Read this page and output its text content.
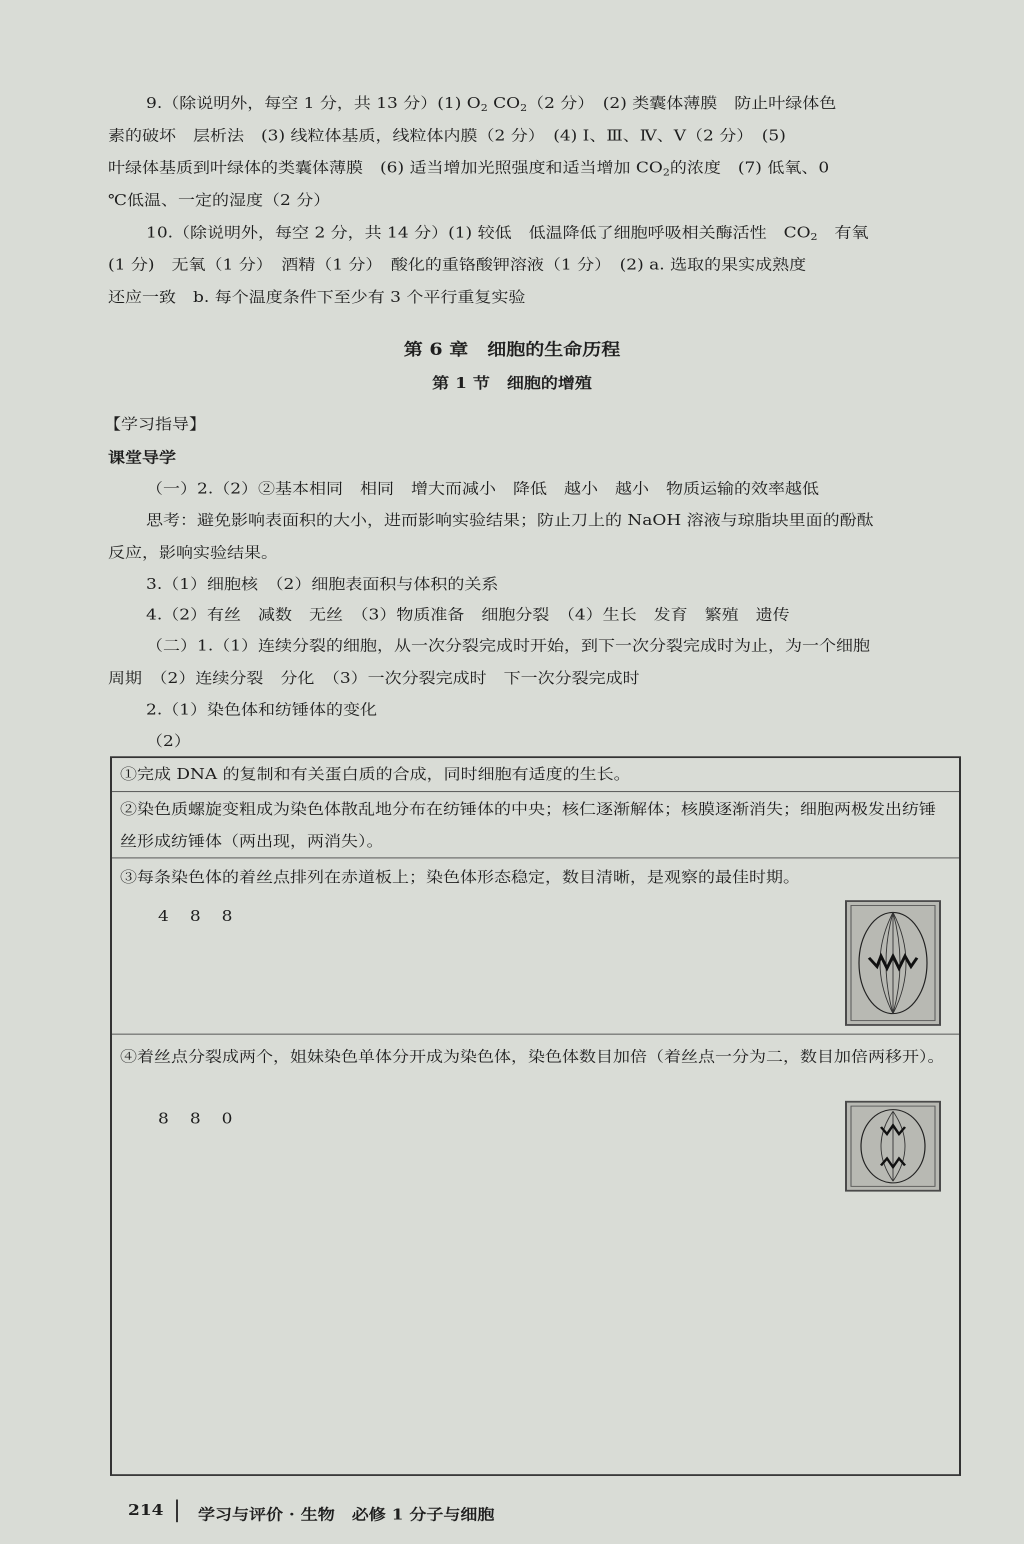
9.（除说明外，每空 1 分，共 13 分）(1) $O_2$ $CO_2(2$ 分）　(2) 类囊体薄膜　防止叶绿体色

素的破坏　层析法　(3) 线粒体基质，线粒体内膜（2 分）　(4) Ⅰ、Ⅲ、Ⅳ、Ⅴ（2 分）　(5)

叶绿体基质到叶绿体的类囊体薄膜　(6) 适当增加光照强度和适当增加 $CO_2$的浓度　(7) 低氧、0

℃低温、一定的湿度（2 分）

10.（除说明外，每空 2 分，共 14 分）(1) 较低　低温降低了细胞呼吸相关酶活性　$CO_2$　有氧

(1 分)　无氧（1 分）　酒精（1 分）　酸化的重铬酸钾溶液（1 分）　(2) a. 选取的果实成熟度

还应一致　b. 每个温度条件下至少有 3 个平行重复实验

第 6 章　细胞的生命历程
第 1 节　细胞的增殖

【学习指导】

课堂导学

（一）2.（2）②基本相同　相同　增大而减小　降低　越小　越小　物质运输的效率越低

思考：避免影响表面积的大小，进而影响实验结果；防止刀上的 NaOH 溶液与琼脂块里面的酚酞

反应，影响实验结果。

3.（1）细胞核　（2）细胞表面积与体积的关系

4.（2）有丝　减数　无丝　（3）物质准备　细胞分裂　（4）生长　发育　繁殖　遗传

（二）1.（1）连续分裂的细胞，从一次分裂完成时开始，到下一次分裂完成时为止，为一个细胞

周期　（2）连续分裂　分化　（3）一次分裂完成时　下一次分裂完成时

2.（1）染色体和纺锤体的变化

（2）

①完成 DNA 的复制和有关蛋白质的合成，同时细胞有适度的生长。
②染色质螺旋变粗成为染色体散乱地分布在纺锤体的中央；核仁逐渐解体；核膜逐渐消失；细胞两极发出纺锤丝形成纺锤体（两出现，两消失）。
③每条染色体的着丝点排列在赤道板上；染色体形态稳定，数目清晰，是观察的最佳时期。
4　8　8
④着丝点分裂成两个，姐妹染色单体分开成为染色体，染色体数目加倍（着丝点一分为二，数目加倍两移开）。
8　8　0
214 学习与评价 · 生物　必修 1 分子与细胞
